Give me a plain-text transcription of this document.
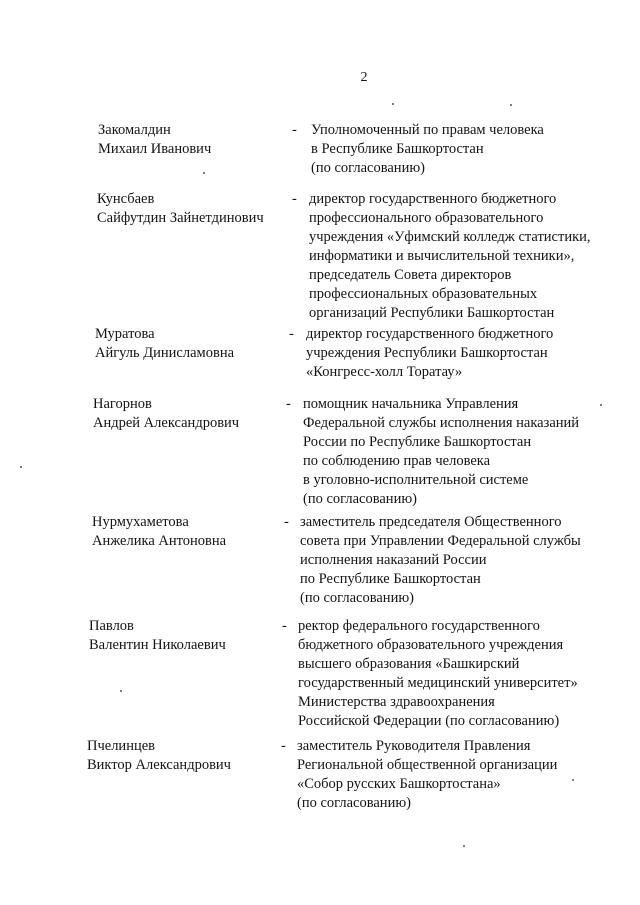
2
Закомалдин
Михаил Иванович
- Уполномоченный по правам человека
в Республике Башкортостан
(по согласованию)
Кунсбаев
Сайфутдин Зайнетдинович
- директор государственного бюджетного
профессионального образовательного
учреждения «Уфимский колледж статистики,
информатики и вычислительной техники»,
председатель Совета директоров
профессиональных образовательных
организаций Республики Башкортостан
Муратова
Айгуль Динисламовна
- директор государственного бюджетного
учреждения Республики Башкортостан
«Конгресс-холл Торатау»
Нагорнов
Андрей Александрович
- помощник начальника Управления
Федеральной службы исполнения наказаний
России по Республике Башкортостан
по соблюдению прав человека
в уголовно-исполнительной системе
(по согласованию)
Нурмухаметова
Анжелика Антоновна
- заместитель председателя Общественного
совета при Управлении Федеральной службы
исполнения наказаний России
по Республике Башкортостан
(по согласованию)
Павлов
Валентин Николаевич
- ректор федерального государственного
бюджетного образовательного учреждения
высшего образования «Башкирский
государственный медицинский университет»
Министерства здравоохранения
Российской Федерации (по согласованию)
Пчелинцев
Виктор Александрович
- заместитель Руководителя Правления
Региональной общественной организации
«Собор русских Башкортостана»
(по согласованию)
